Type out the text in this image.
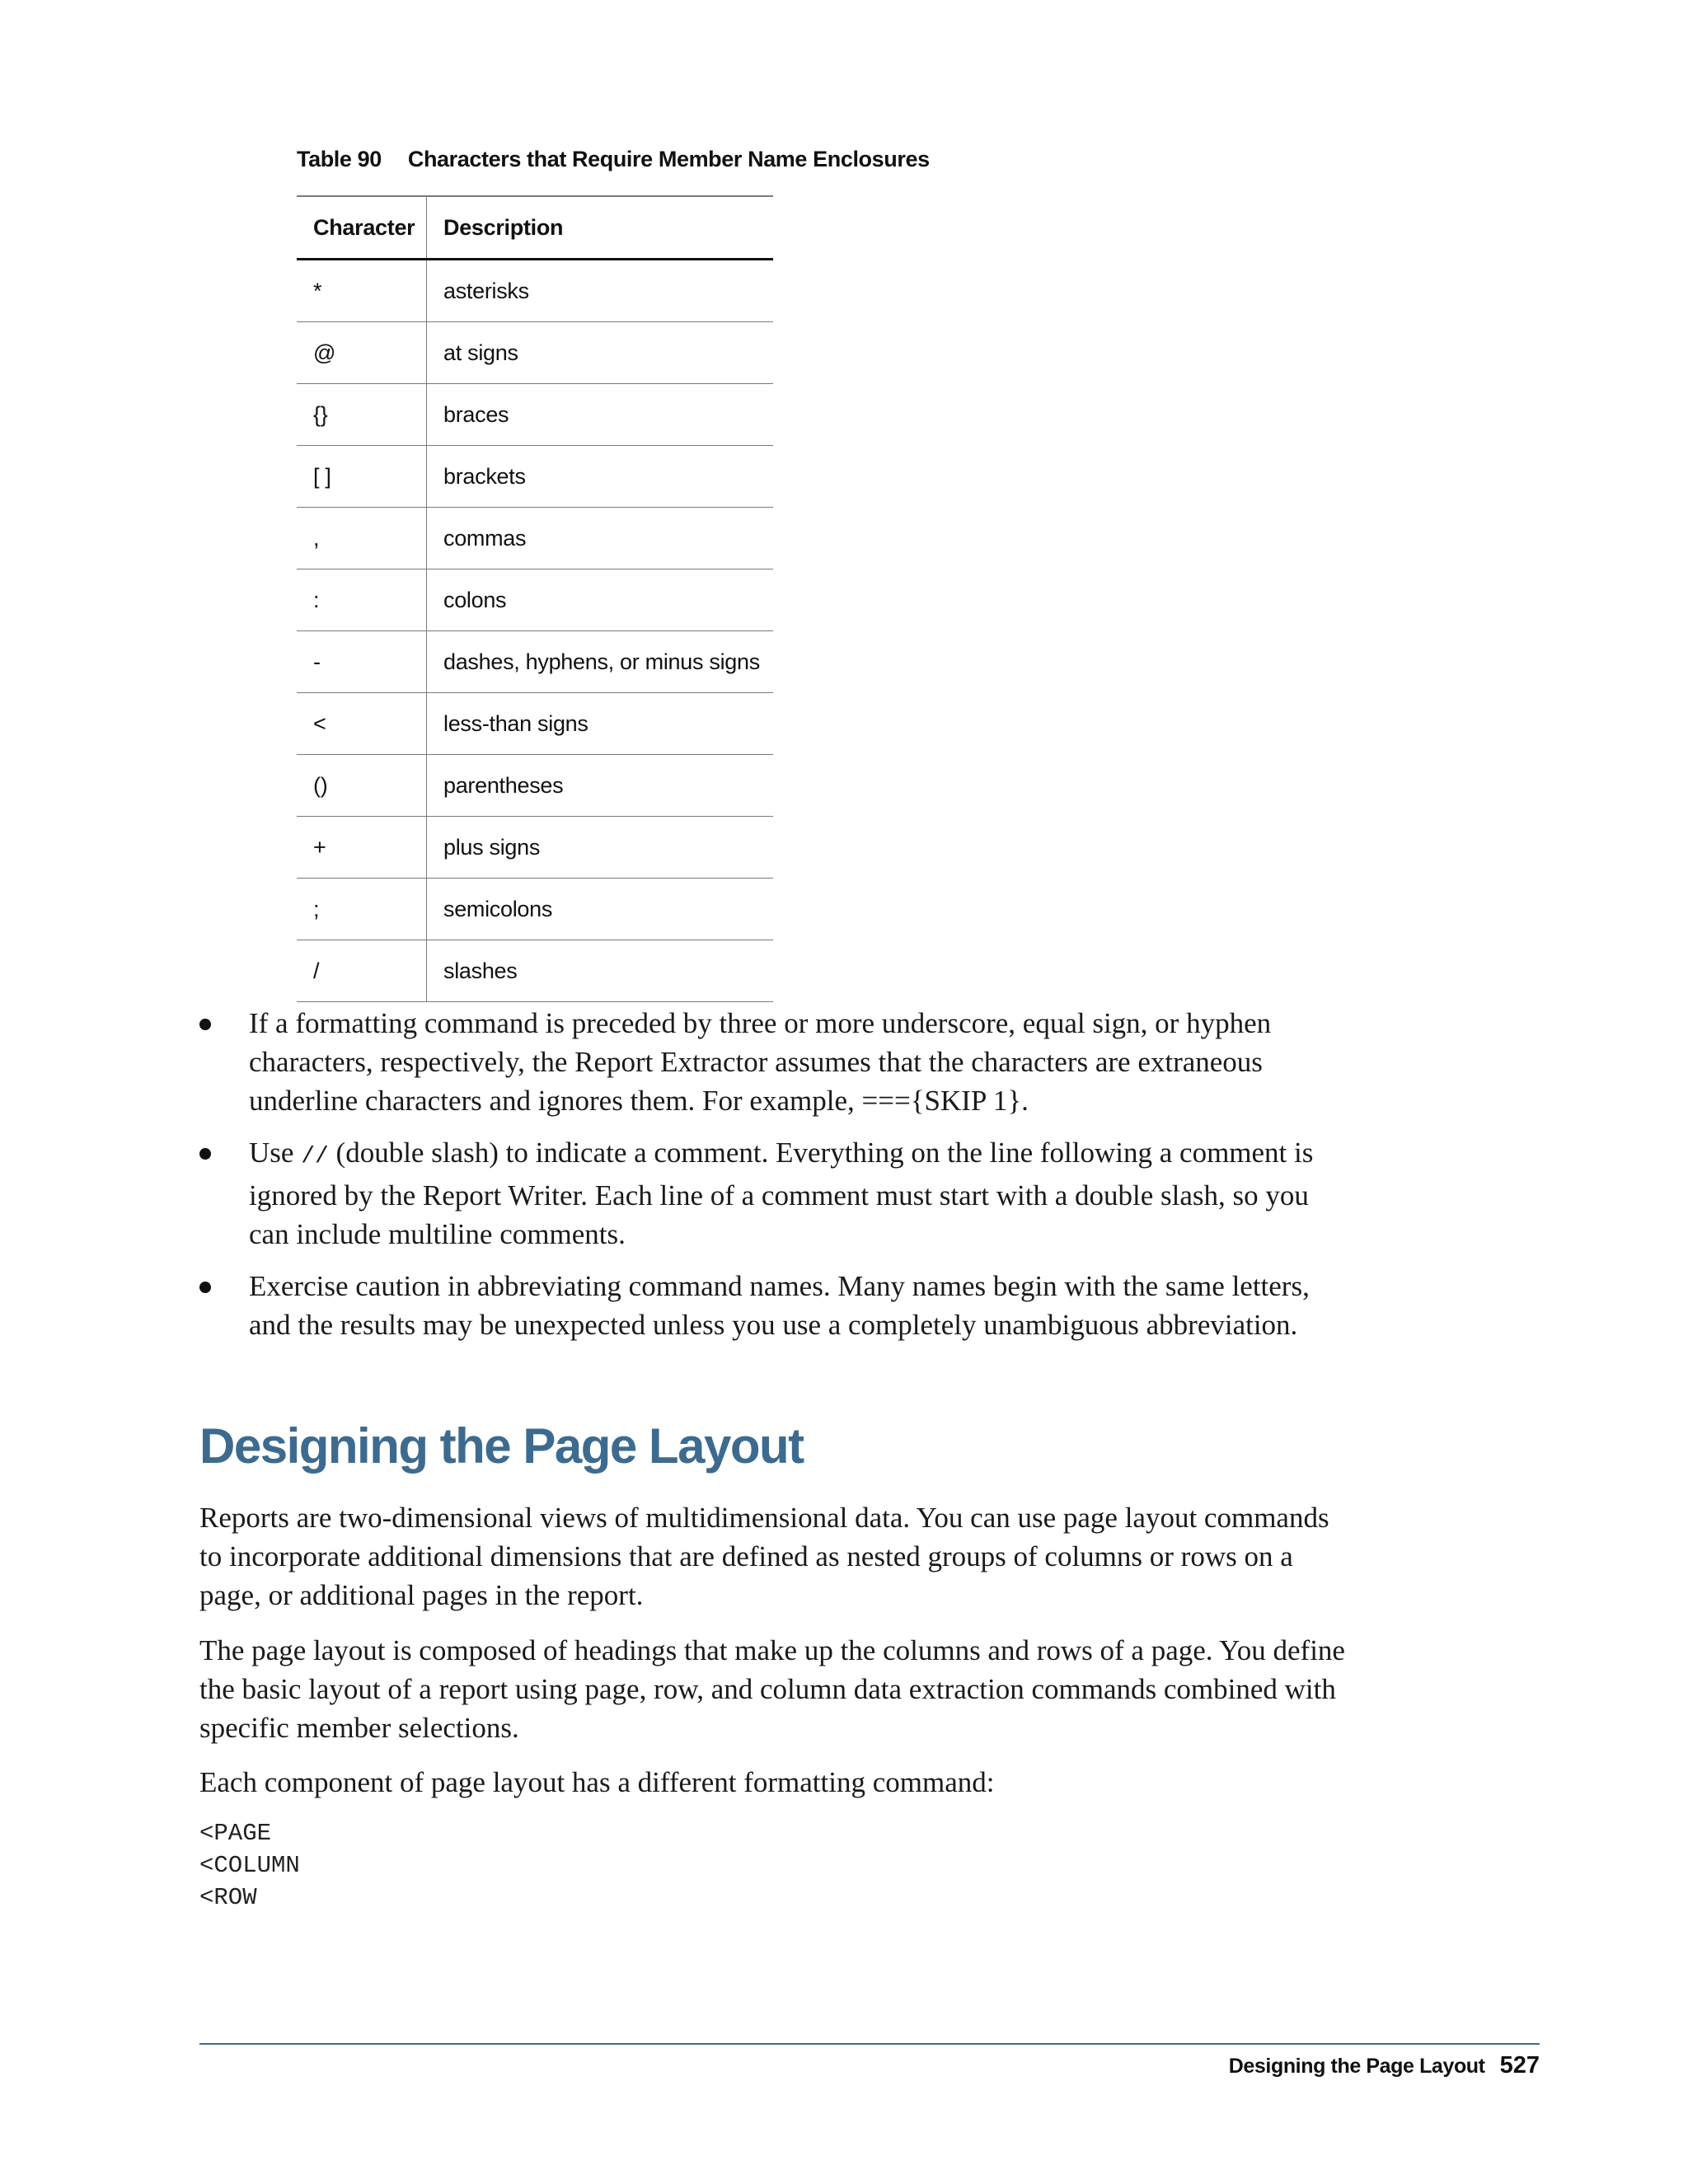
Table 90 Characters that Require Member Name Enclosures
Character	Description
*	asterisks
@	at signs
{}	braces
[ ]	brackets
,	commas
:	colons
-	dashes, hyphens, or minus signs
<	less-than signs
()	parentheses
+	plus signs
;	semicolons
/	slashes
If a formatting command is preceded by three or more underscore, equal sign, or hyphen characters, respectively, the Report Extractor assumes that the characters are extraneous underline characters and ignores them. For example, ==={SKIP 1}.
Use // (double slash) to indicate a comment. Everything on the line following a comment is ignored by the Report Writer. Each line of a comment must start with a double slash, so you can include multiline comments.
Exercise caution in abbreviating command names. Many names begin with the same letters, and the results may be unexpected unless you use a completely unambiguous abbreviation.
Designing the Page Layout

Reports are two-dimensional views of multidimensional data. You can use page layout commands to incorporate additional dimensions that are defined as nested groups of columns or rows on a page, or additional pages in the report.

The page layout is composed of headings that make up the columns and rows of a page. You define the basic layout of a report using page, row, and column data extraction commands combined with specific member selections.

Each component of page layout has a different formatting command:

<PAGE
<COLUMN
<ROW
Designing the Page Layout 527
